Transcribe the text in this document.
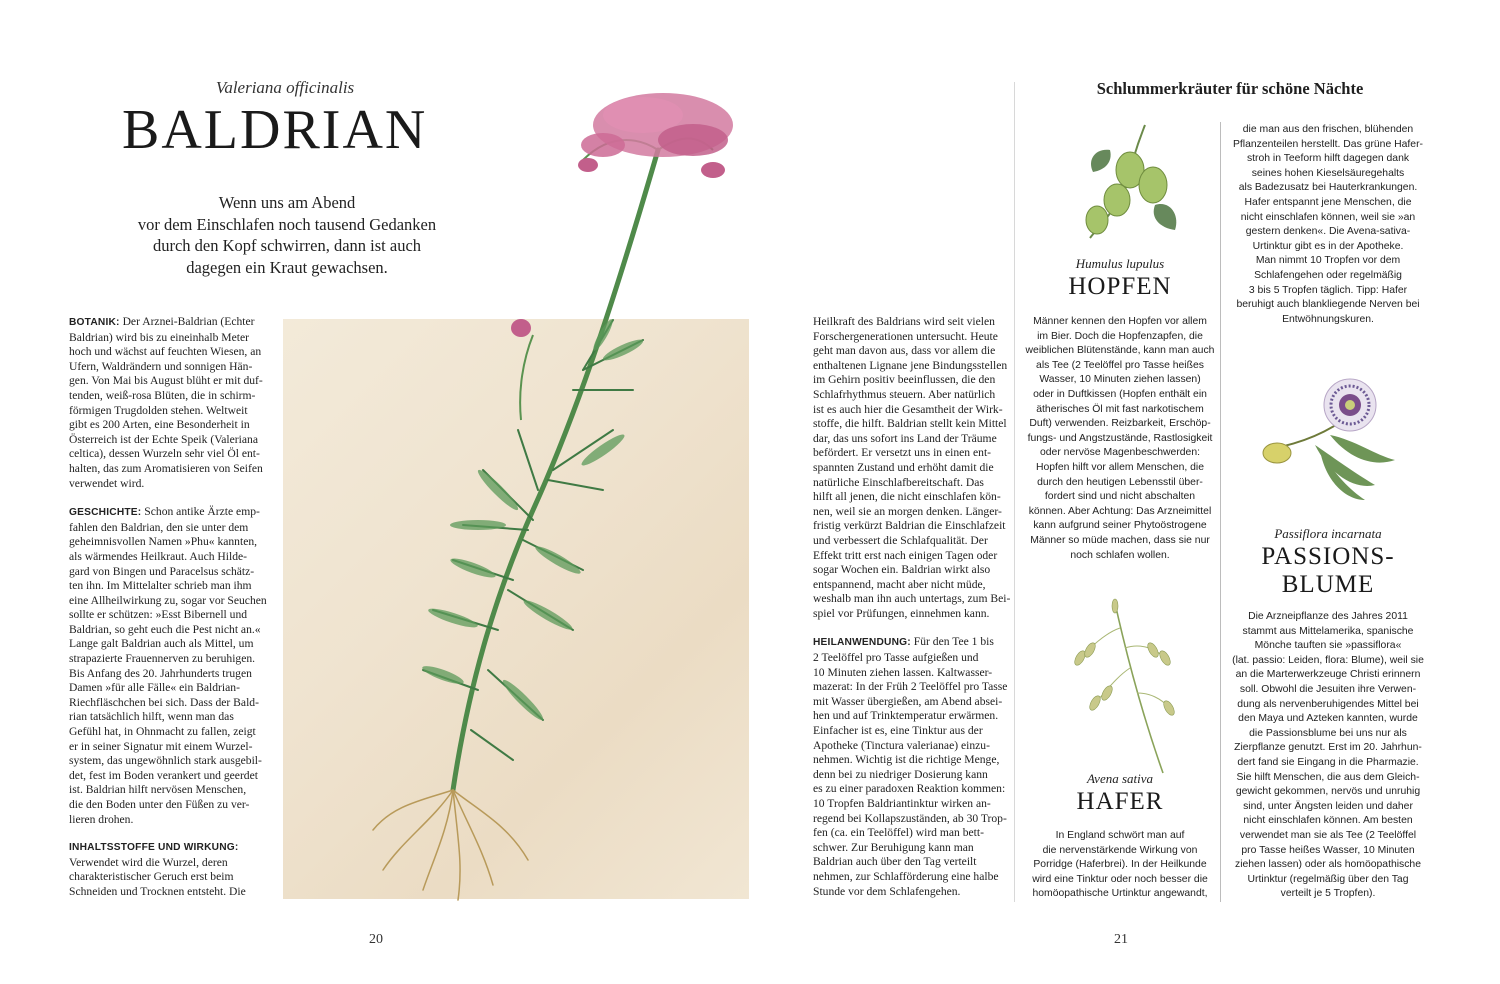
Valeriana officinalis
BALDRIAN
Wenn uns am Abend
vor dem Einschlafen noch tausend Gedanken
durch den Kopf schwirren, dann ist auch
dagegen ein Kraut gewachsen.

BOTANIK: Der Arznei-Baldrian (Echter

Baldrian) wird bis zu eineinhalb Meter

hoch und wächst auf feuchten Wiesen, an

Ufern, Waldrändern und sonnigen Hän-

gen. Von Mai bis August blüht er mit duf-

tenden, weiß-rosa Blüten, die in schirm-

förmigen Trugdolden stehen. Weltweit

gibt es 200 Arten, eine Besonderheit in

Österreich ist der Echte Speik (Valeriana

celtica), dessen Wurzeln sehr viel Öl ent-

halten, das zum Aromatisieren von Seifen

verwendet wird.

GESCHICHTE: Schon antike Ärzte emp-

fahlen den Baldrian, den sie unter dem

geheimnisvollen Namen »Phu« kannten,

als wärmendes Heilkraut. Auch Hilde-

gard von Bingen und Paracelsus schätz-

ten ihn. Im Mittelalter schrieb man ihm

eine Allheilwirkung zu, sogar vor Seuchen

sollte er schützen: »Esst Bibernell und

Baldrian, so geht euch die Pest nicht an.«

Lange galt Baldrian auch als Mittel, um

strapazierte Frauennerven zu beruhigen.

Bis Anfang des 20. Jahrhunderts trugen

Damen »für alle Fälle« ein Baldrian-

Riechfläschchen bei sich. Dass der Bald-

rian tatsächlich hilft, wenn man das

Gefühl hat, in Ohnmacht zu fallen, zeigt

er in seiner Signatur mit einem Wurzel-

system, das ungewöhnlich stark ausgebil-

det, fest im Boden verankert und geerdet

ist. Baldrian hilft nervösen Menschen,

die den Boden unter den Füßen zu ver-

lieren drohen.

INHALTSSTOFFE UND WIRKUNG:

Verwendet wird die Wurzel, deren

charakteristischer Geruch erst beim

Schneiden und Trocknen entsteht. Die

20

Heilkraft des Baldrians wird seit vielen

Forschergenerationen untersucht. Heute

geht man davon aus, dass vor allem die

enthaltenen Lignane jene Bindungsstellen

im Gehirn positiv beeinflussen, die den

Schlafrhythmus steuern. Aber natürlich

ist es auch hier die Gesamtheit der Wirk-

stoffe, die hilft. Baldrian stellt kein Mittel

dar, das uns sofort ins Land der Träume

befördert. Er versetzt uns in einen ent-

spannten Zustand und erhöht damit die

natürliche Einschlafbereitschaft. Das

hilft all jenen, die nicht einschlafen kön-

nen, weil sie an morgen denken. Länger-

fristig verkürzt Baldrian die Einschlafzeit

und verbessert die Schlafqualität. Der

Effekt tritt erst nach einigen Tagen oder

sogar Wochen ein. Baldrian wirkt also

entspannend, macht aber nicht müde,

weshalb man ihn auch untertags, zum Bei-

spiel vor Prüfungen, einnehmen kann.

HEILANWENDUNG: Für den Tee 1 bis

2 Teelöffel pro Tasse aufgießen und

10 Minuten ziehen lassen. Kaltwasser-

mazerat: In der Früh 2 Teelöffel pro Tasse

mit Wasser übergießen, am Abend absei-

hen und auf Trinktemperatur erwärmen.

Einfacher ist es, eine Tinktur aus der

Apotheke (Tinctura valerianae) einzu-

nehmen. Wichtig ist die richtige Menge,

denn bei zu niedriger Dosierung kann

es zu einer paradoxen Reaktion kommen:

10 Tropfen Baldriantinktur wirken an-

regend bei Kollapszuständen, ab 30 Trop-

fen (ca. ein Teelöffel) wird man bett-

schwer. Zur Beruhigung kann man

Baldrian auch über den Tag verteilt

nehmen, zur Schlafförderung eine halbe

Stunde vor dem Schlafengehen.

Schlummerkräuter für schöne Nächte
Humulus lupulus
HOPFEN

Männer kennen den Hopfen vor allem

im Bier. Doch die Hopfenzapfen, die

weiblichen Blütenstände, kann man auch

als Tee (2 Teelöffel pro Tasse heißes

Wasser, 10 Minuten ziehen lassen)

oder in Duftkissen (Hopfen enthält ein

ätherisches Öl mit fast narkotischem

Duft) verwenden. Reizbarkeit, Erschöp-

fungs- und Angstzustände, Rastlosigkeit

oder nervöse Magenbeschwerden:

Hopfen hilft vor allem Menschen, die

durch den heutigen Lebensstil über-

fordert sind und nicht abschalten

können. Aber Achtung: Das Arzneimittel

kann aufgrund seiner Phytoöstrogene

Männer so müde machen, dass sie nur

noch schlafen wollen.

Avena sativa
HAFER

In England schwört man auf

die nervenstärkende Wirkung von

Porridge (Haferbrei). In der Heilkunde

wird eine Tinktur oder noch besser die

homöopathische Urtinktur angewandt,

die man aus den frischen, blühenden

Pflanzenteilen herstellt. Das grüne Hafer-

stroh in Teeform hilft dagegen dank

seines hohen Kieselsäuregehalts

als Badezusatz bei Hauterkrankungen.

Hafer entspannt jene Menschen, die

nicht einschlafen können, weil sie »an

gestern denken«. Die Avena-sativa-

Urtinktur gibt es in der Apotheke.

Man nimmt 10 Tropfen vor dem

Schlafengehen oder regelmäßig

3 bis 5 Tropfen täglich. Tipp: Hafer

beruhigt auch blankliegende Nerven bei

Entwöhnungskuren.

Passiflora incarnata
PASSIONS-
BLUME

Die Arzneipflanze des Jahres 2011

stammt aus Mittelamerika, spanische

Mönche tauften sie »passiflora«

(lat. passio: Leiden, flora: Blume), weil sie

an die Marterwerkzeuge Christi erinnern

soll. Obwohl die Jesuiten ihre Verwen-

dung als nervenberuhigendes Mittel bei

den Maya und Azteken kannten, wurde

die Passionsblume bei uns nur als

Zierpflanze genutzt. Erst im 20. Jahrhun-

dert fand sie Eingang in die Pharmazie.

Sie hilft Menschen, die aus dem Gleich-

gewicht gekommen, nervös und unruhig

sind, unter Ängsten leiden und daher

nicht einschlafen können. Am besten

verwendet man sie als Tee (2 Teelöffel

pro Tasse heißes Wasser, 10 Minuten

ziehen lassen) oder als homöopathische

Urtinktur (regelmäßig über den Tag

verteilt je 5 Tropfen).

21
